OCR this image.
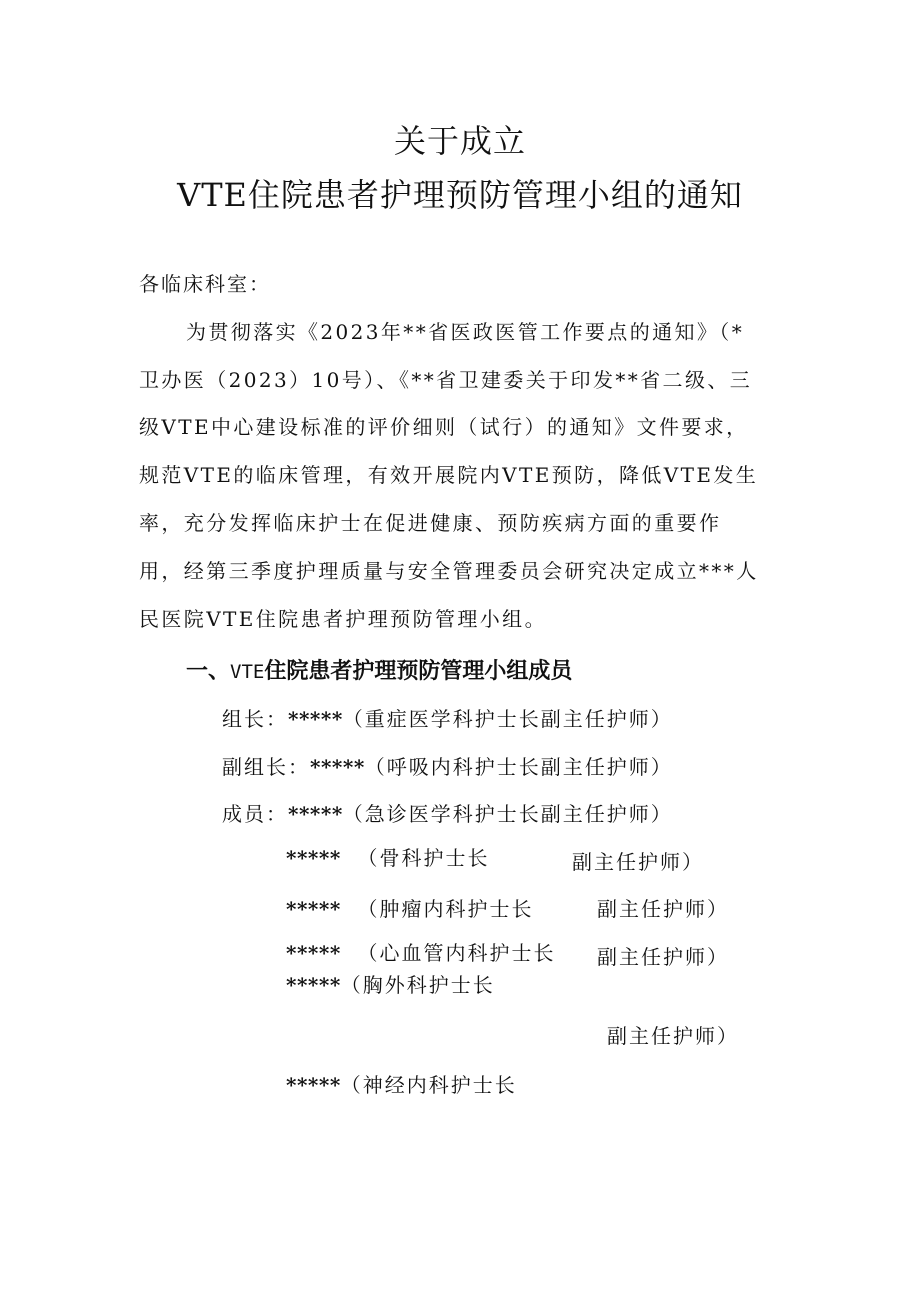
关于成立
VTE住院患者护理预防管理小组的通知
各临床科室：
为贯彻落实《2023年**省医政医管工作要点的通知》（*
卫办医（2023）10号）、《**省卫建委关于印发**省二级、三
级VTE中心建设标准的评价细则（试行）的通知》文件要求，
规范VTE的临床管理，有效开展院内VTE预防，降低VTE发生
率，充分发挥临床护士在促进健康、预防疾病方面的重要作
用，经第三季度护理质量与安全管理委员会研究决定成立***人
民医院VTE住院患者护理预防管理小组。
一、VTE住院患者护理预防管理小组成员
组长：*****（重症医学科护士长副主任护师）
副组长：*****（呼吸内科护士长副主任护师）
成员：*****（急诊医学科护士长副主任护师）
***** （骨科护士长	副主任护师）
***** （肿瘤内科护士长	副主任护师）
***** （心血管内科护士长 副主任护师）
*****（胸外科护士长
副主任护师）
*****（神经内科护士长
